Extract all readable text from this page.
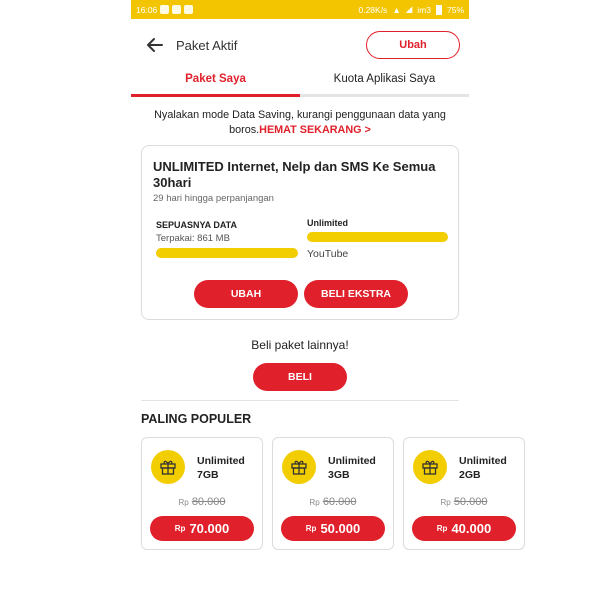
16:06	0.28K/s ▲ ◢ im3 75%
Paket Aktif	Ubah
Paket Saya	Kuota Aplikasi Saya
Nyalakan mode Data Saving, kurangi penggunaan data yang boros.HEMAT SEKARANG >
UNLIMITED Internet, Nelp dan SMS Ke Semua 30hari
29 hari hingga perpanjangan
SEPUASNYA DATA
Terpakai: 861 MB
Unlimited
YouTube
UBAH	BELI EKSTRA
Beli paket lainnya!
BELI
PALING POPULER
Unlimited
7GB
Rp 80.000
Rp 70.000
Unlimited
3GB
Rp 60.000
Rp 50.000
Unlimited
2GB
Rp 50.000
Rp 40.000
